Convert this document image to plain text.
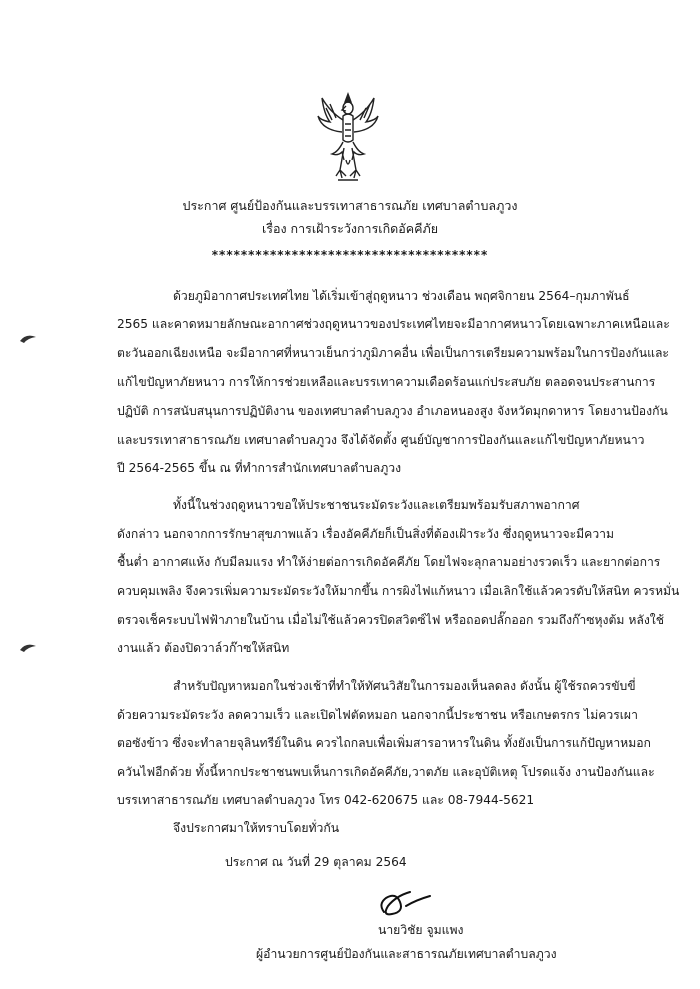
ประกาศ ศูนย์ป้องกันและบรรเทาสาธารณภัย เทศบาลตำบลภูวง
เรื่อง การเฝ้าระวังการเกิดอัคคีภัย
**************************************
ด้วยภูมิอากาศประเทศไทย ได้เริ่มเข้าสู่ฤดูหนาว ช่วงเดือน พฤศจิกายน 2564–กุมภาพันธ์
2565 และคาดหมายลักษณะอากาศช่วงฤดูหนาวของประเทศไทยจะมีอากาศหนาวโดยเฉพาะภาคเหนือและ
ตะวันออกเฉียงเหนือ จะมีอากาศที่หนาวเย็นกว่าภูมิภาคอื่น เพื่อเป็นการเตรียมความพร้อมในการป้องกันและ
แก้ไขปัญหาภัยหนาว การให้การช่วยเหลือและบรรเทาความเดือดร้อนแก่ประสบภัย ตลอดจนประสานการ
ปฏิบัติ การสนับสนุนการปฏิบัติงาน ของเทศบาลตำบลภูวง อำเภอหนองสูง จังหวัดมุกดาหาร โดยงานป้องกัน
และบรรเทาสาธารณภัย เทศบาลตำบลภูวง จึงได้จัดตั้ง ศูนย์บัญชาการป้องกันและแก้ไขปัญหาภัยหนาว
ปี 2564-2565 ขึ้น ณ ที่ทำการสำนักเทศบาลตำบลภูวง
ทั้งนี้ในช่วงฤดูหนาวขอให้ประชาชนระมัดระวังและเตรียมพร้อมรับสภาพอากาศ
ดังกล่าว นอกจากการรักษาสุขภาพแล้ว เรื่องอัคคีภัยก็เป็นสิ่งที่ต้องเฝ้าระวัง ซึ่งฤดูหนาวจะมีความ
ชื้นต่ำ อากาศแห้ง กับมีลมแรง ทำให้ง่ายต่อการเกิดอัคคีภัย โดยไฟจะลุกลามอย่างรวดเร็ว และยากต่อการ
ควบคุมเพลิง จึงควรเพิ่มความระมัดระวังให้มากขึ้น การผิงไฟแก้หนาว เมื่อเลิกใช้แล้วควรดับให้สนิท ควรหมั่น
ตรวจเช็คระบบไฟฟ้าภายในบ้าน เมื่อไม่ใช้แล้วควรปิดสวิตซ์ไฟ หรือถอดปลั๊กออก รวมถึงก๊าซหุงต้ม หลังใช้
งานแล้ว ต้องปิดวาล์วก๊าซให้สนิท
สำหรับปัญหาหมอกในช่วงเช้าที่ทำให้ทัศนวิสัยในการมองเห็นลดลง ดังนั้น ผู้ใช้รถควรขับขี่
ด้วยความระมัดระวัง ลดความเร็ว และเปิดไฟตัดหมอก นอกจากนี้ประชาชน หรือเกษตรกร ไม่ควรเผา
ตอซังข้าว ซึ่งจะทำลายจุลินทรีย์ในดิน ควรไถกลบเพื่อเพิ่มสารอาหารในดิน ทั้งยังเป็นการแก้ปัญหาหมอก
ควันไฟอีกด้วย ทั้งนี้หากประชาชนพบเห็นการเกิดอัคคีภัย,วาตภัย และอุบัติเหตุ โปรดแจ้ง งานป้องกันและ
บรรเทาสาธารณภัย เทศบาลตำบลภูวง โทร 042-620675 และ 08-7944-5621
จึงประกาศมาให้ทราบโดยทั่วกัน
ประกาศ ณ วันที่ 29 ตุลาคม 2564
นายวิชัย จูมแพง
ผู้อำนวยการศูนย์ป้องกันและสาธารณภัยเทศบาลตำบลภูวง
